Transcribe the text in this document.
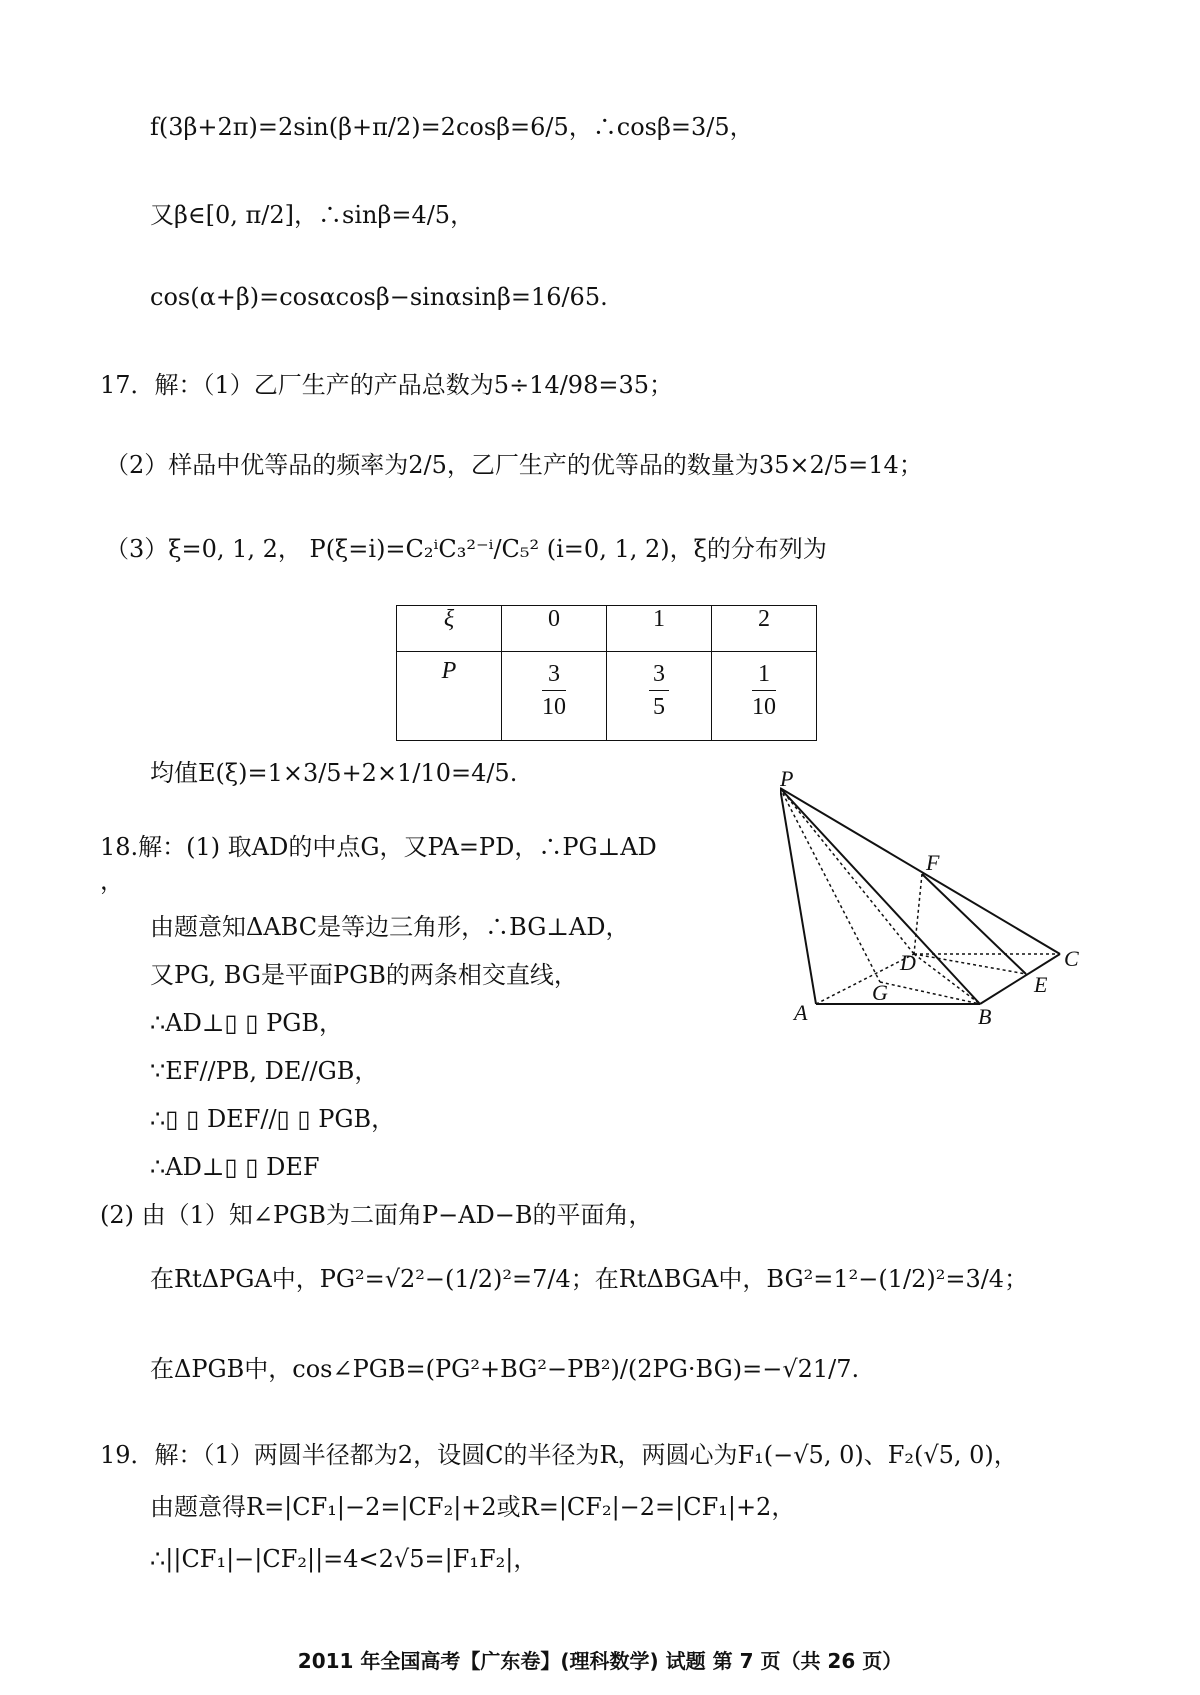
f(3β+2π)=2sin(β+π/2)=2cosβ=6/5，∴cosβ=3/5，
又β∈[0, π/2]，∴sinβ=4/5，
cos(α+β)=cosαcosβ−sinαsinβ=16/65.
17．解：（1）乙厂生产的产品总数为5÷14/98=35；
（2）样品中优等品的频率为2/5，乙厂生产的优等品的数量为35×2/5=14；
（3）ξ=0, 1, 2， P(ξ=i)=C₂ⁱC₃²⁻ⁱ/C₅² (i=0, 1, 2)，ξ的分布列为
ξ	0	1	2
P	$\frac{3}{10}$	$\frac{3}{5}$	$\frac{1}{10}$
均值E(ξ)=1×3/5+2×1/10=4/5.
18.解：(1) 取AD的中点G，又PA=PD，∴PG⊥AD
，
由题意知ΔABC是等边三角形，∴BG⊥AD，
又PG, BG是平面PGB的两条相交直线，
∴AD⊥▯ ▯ PGB，
∵EF//PB, DE//GB，
∴▯ ▯ DEF//▯ ▯ PGB，
∴AD⊥▯ ▯ DEF
(2) 由（1）知∠PGB为二面角P−AD−B的平面角，
在RtΔPGA中，PG²=√2²−(1/2)²=7/4；在RtΔBGA中，BG²=1²−(1/2)²=3/4；
在ΔPGB中，cos∠PGB=(PG²+BG²−PB²)/(2PG·BG)=−√21/7.
19．解：（1）两圆半径都为2，设圆C的半径为R，两圆心为F₁(−√5, 0)、F₂(√5, 0)，
由题意得R=|CF₁|−2=|CF₂|+2或R=|CF₂|−2=|CF₁|+2，
∴||CF₁|−|CF₂||=4<2√5=|F₁F₂|，
P
F
C
D
E
G
A	B
2011 年全国高考【广东卷】(理科数学) 试题 第 7 页（共 26 页）
